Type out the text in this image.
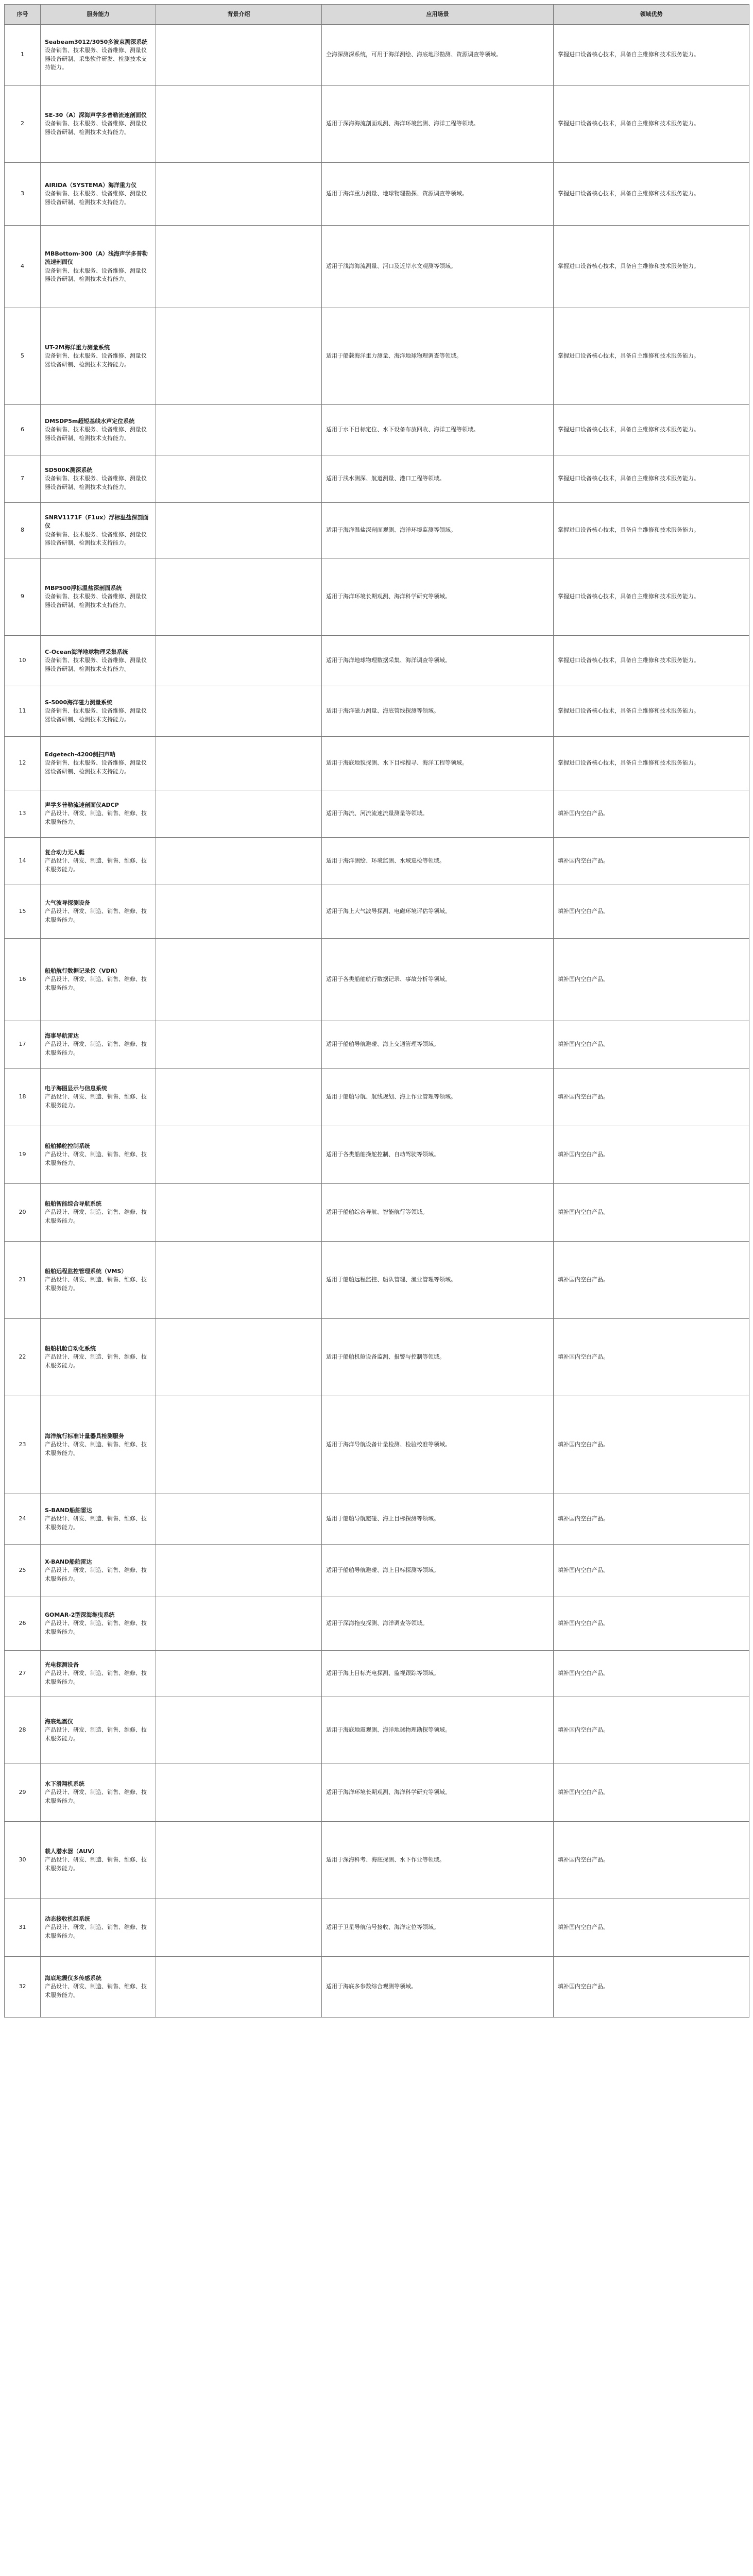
序号	服务能力	背景介绍	应用场景	领域优势
1	Seabeam3012/3050多波束测深系统
设备销售、技术服务、设备维修、测量仪器设备研制、采集软件研发、检测技术支持能力。		全海深测深系统，可用于海洋测绘、海底地形勘测、资源调查等领域。	掌握进口设备核心技术，具备自主维修和技术服务能力。
2	SE-30（A）深海声学多普勒流速剖面仪
设备销售、技术服务、设备维修、测量仪器设备研制、检测技术支持能力。		适用于深海海流剖面观测、海洋环境监测、海洋工程等领域。	掌握进口设备核心技术，具备自主维修和技术服务能力。
3	AIRIDA（SYSTEMA）海洋重力仪
设备销售、技术服务、设备维修、测量仪器设备研制、检测技术支持能力。		适用于海洋重力测量、地球物理勘探、资源调查等领域。	掌握进口设备核心技术，具备自主维修和技术服务能力。
4	MBBottom-300（A）浅海声学多普勒流速剖面仪
设备销售、技术服务、设备维修、测量仪器设备研制、检测技术支持能力。		适用于浅海海流测量、河口及近岸水文观测等领域。	掌握进口设备核心技术，具备自主维修和技术服务能力。
5	UT-2M海洋重力测量系统
设备销售、技术服务、设备维修、测量仪器设备研制、检测技术支持能力。		适用于船载海洋重力测量、海洋地球物理调查等领域。	掌握进口设备核心技术，具备自主维修和技术服务能力。
6	DMSDP5m超短基线水声定位系统
设备销售、技术服务、设备维修、测量仪器设备研制、检测技术支持能力。		适用于水下目标定位、水下设备布放回收、海洋工程等领域。	掌握进口设备核心技术，具备自主维修和技术服务能力。
7	SD500K测深系统
设备销售、技术服务、设备维修、测量仪器设备研制、检测技术支持能力。		适用于浅水测深、航道测量、港口工程等领域。	掌握进口设备核心技术，具备自主维修和技术服务能力。
8	SNRV1171F（F1ux）浮标温盐深剖面仪
设备销售、技术服务、设备维修、测量仪器设备研制、检测技术支持能力。		适用于海洋温盐深剖面观测、海洋环境监测等领域。	掌握进口设备核心技术，具备自主维修和技术服务能力。
9	MBP500浮标温盐深剖面系统
设备销售、技术服务、设备维修、测量仪器设备研制、检测技术支持能力。		适用于海洋环境长期观测、海洋科学研究等领域。	掌握进口设备核心技术，具备自主维修和技术服务能力。
10	C-Ocean海洋地球物理采集系统
设备销售、技术服务、设备维修、测量仪器设备研制、检测技术支持能力。		适用于海洋地球物理数据采集、海洋调查等领域。	掌握进口设备核心技术，具备自主维修和技术服务能力。
11	S-5000海洋磁力测量系统
设备销售、技术服务、设备维修、测量仪器设备研制、检测技术支持能力。		适用于海洋磁力测量、海底管线探测等领域。	掌握进口设备核心技术，具备自主维修和技术服务能力。
12	Edgetech-4200侧扫声呐
设备销售、技术服务、设备维修、测量仪器设备研制、检测技术支持能力。		适用于海底地貌探测、水下目标搜寻、海洋工程等领域。	掌握进口设备核心技术，具备自主维修和技术服务能力。
13	声学多普勒流速剖面仪ADCP
产品设计、研发、制造、销售、维修、技术服务能力。		适用于海流、河流流速流量测量等领域。	填补国内空白产品。
14	复合动力无人艇
产品设计、研发、制造、销售、维修、技术服务能力。		适用于海洋测绘、环境监测、水域巡检等领域。	填补国内空白产品。
15	大气波导探测设备
产品设计、研发、制造、销售、维修、技术服务能力。		适用于海上大气波导探测、电磁环境评估等领域。	填补国内空白产品。
16	船舶航行数据记录仪（VDR）
产品设计、研发、制造、销售、维修、技术服务能力。		适用于各类船舶航行数据记录、事故分析等领域。	填补国内空白产品。
17	海事导航雷达
产品设计、研发、制造、销售、维修、技术服务能力。		适用于船舶导航避碰、海上交通管理等领域。	填补国内空白产品。
18	电子海图显示与信息系统
产品设计、研发、制造、销售、维修、技术服务能力。		适用于船舶导航、航线规划、海上作业管理等领域。	填补国内空白产品。
19	船舶操舵控制系统
产品设计、研发、制造、销售、维修、技术服务能力。		适用于各类船舶操舵控制、自动驾驶等领域。	填补国内空白产品。
20	船舶智能综合导航系统
产品设计、研发、制造、销售、维修、技术服务能力。		适用于船舶综合导航、智能航行等领域。	填补国内空白产品。
21	船舶远程监控管理系统（VMS）
产品设计、研发、制造、销售、维修、技术服务能力。		适用于船舶远程监控、船队管理、渔业管理等领域。	填补国内空白产品。
22	船舶机舱自动化系统
产品设计、研发、制造、销售、维修、技术服务能力。		适用于船舶机舱设备监测、报警与控制等领域。	填补国内空白产品。
23	海洋航行标准计量器具检测服务
产品设计、研发、制造、销售、维修、技术服务能力。		适用于海洋导航设备计量检测、检验校准等领域。	填补国内空白产品。
24	S-BAND船舶雷达
产品设计、研发、制造、销售、维修、技术服务能力。		适用于船舶导航避碰、海上目标探测等领域。	填补国内空白产品。
25	X-BAND船舶雷达
产品设计、研发、制造、销售、维修、技术服务能力。		适用于船舶导航避碰、海上目标探测等领域。	填补国内空白产品。
26	GOMAR-2型深海拖曳系统
产品设计、研发、制造、销售、维修、技术服务能力。		适用于深海拖曳探测、海洋调查等领域。	填补国内空白产品。
27	光电探测设备
产品设计、研发、制造、销售、维修、技术服务能力。		适用于海上目标光电探测、监视跟踪等领域。	填补国内空白产品。
28	海底地震仪
产品设计、研发、制造、销售、维修、技术服务能力。		适用于海底地震观测、海洋地球物理勘探等领域。	填补国内空白产品。
29	水下滑翔机系统
产品设计、研发、制造、销售、维修、技术服务能力。		适用于海洋环境长期观测、海洋科学研究等领域。	填补国内空白产品。
30	载人潜水器（AUV）
产品设计、研发、制造、销售、维修、技术服务能力。		适用于深海科考、海底探测、水下作业等领域。	填补国内空白产品。
31	动态接收机组系统
产品设计、研发、制造、销售、维修、技术服务能力。		适用于卫星导航信号接收、海洋定位等领域。	填补国内空白产品。
32	海底地震仪多传感系统
产品设计、研发、制造、销售、维修、技术服务能力。		适用于海底多参数综合观测等领域。	填补国内空白产品。
